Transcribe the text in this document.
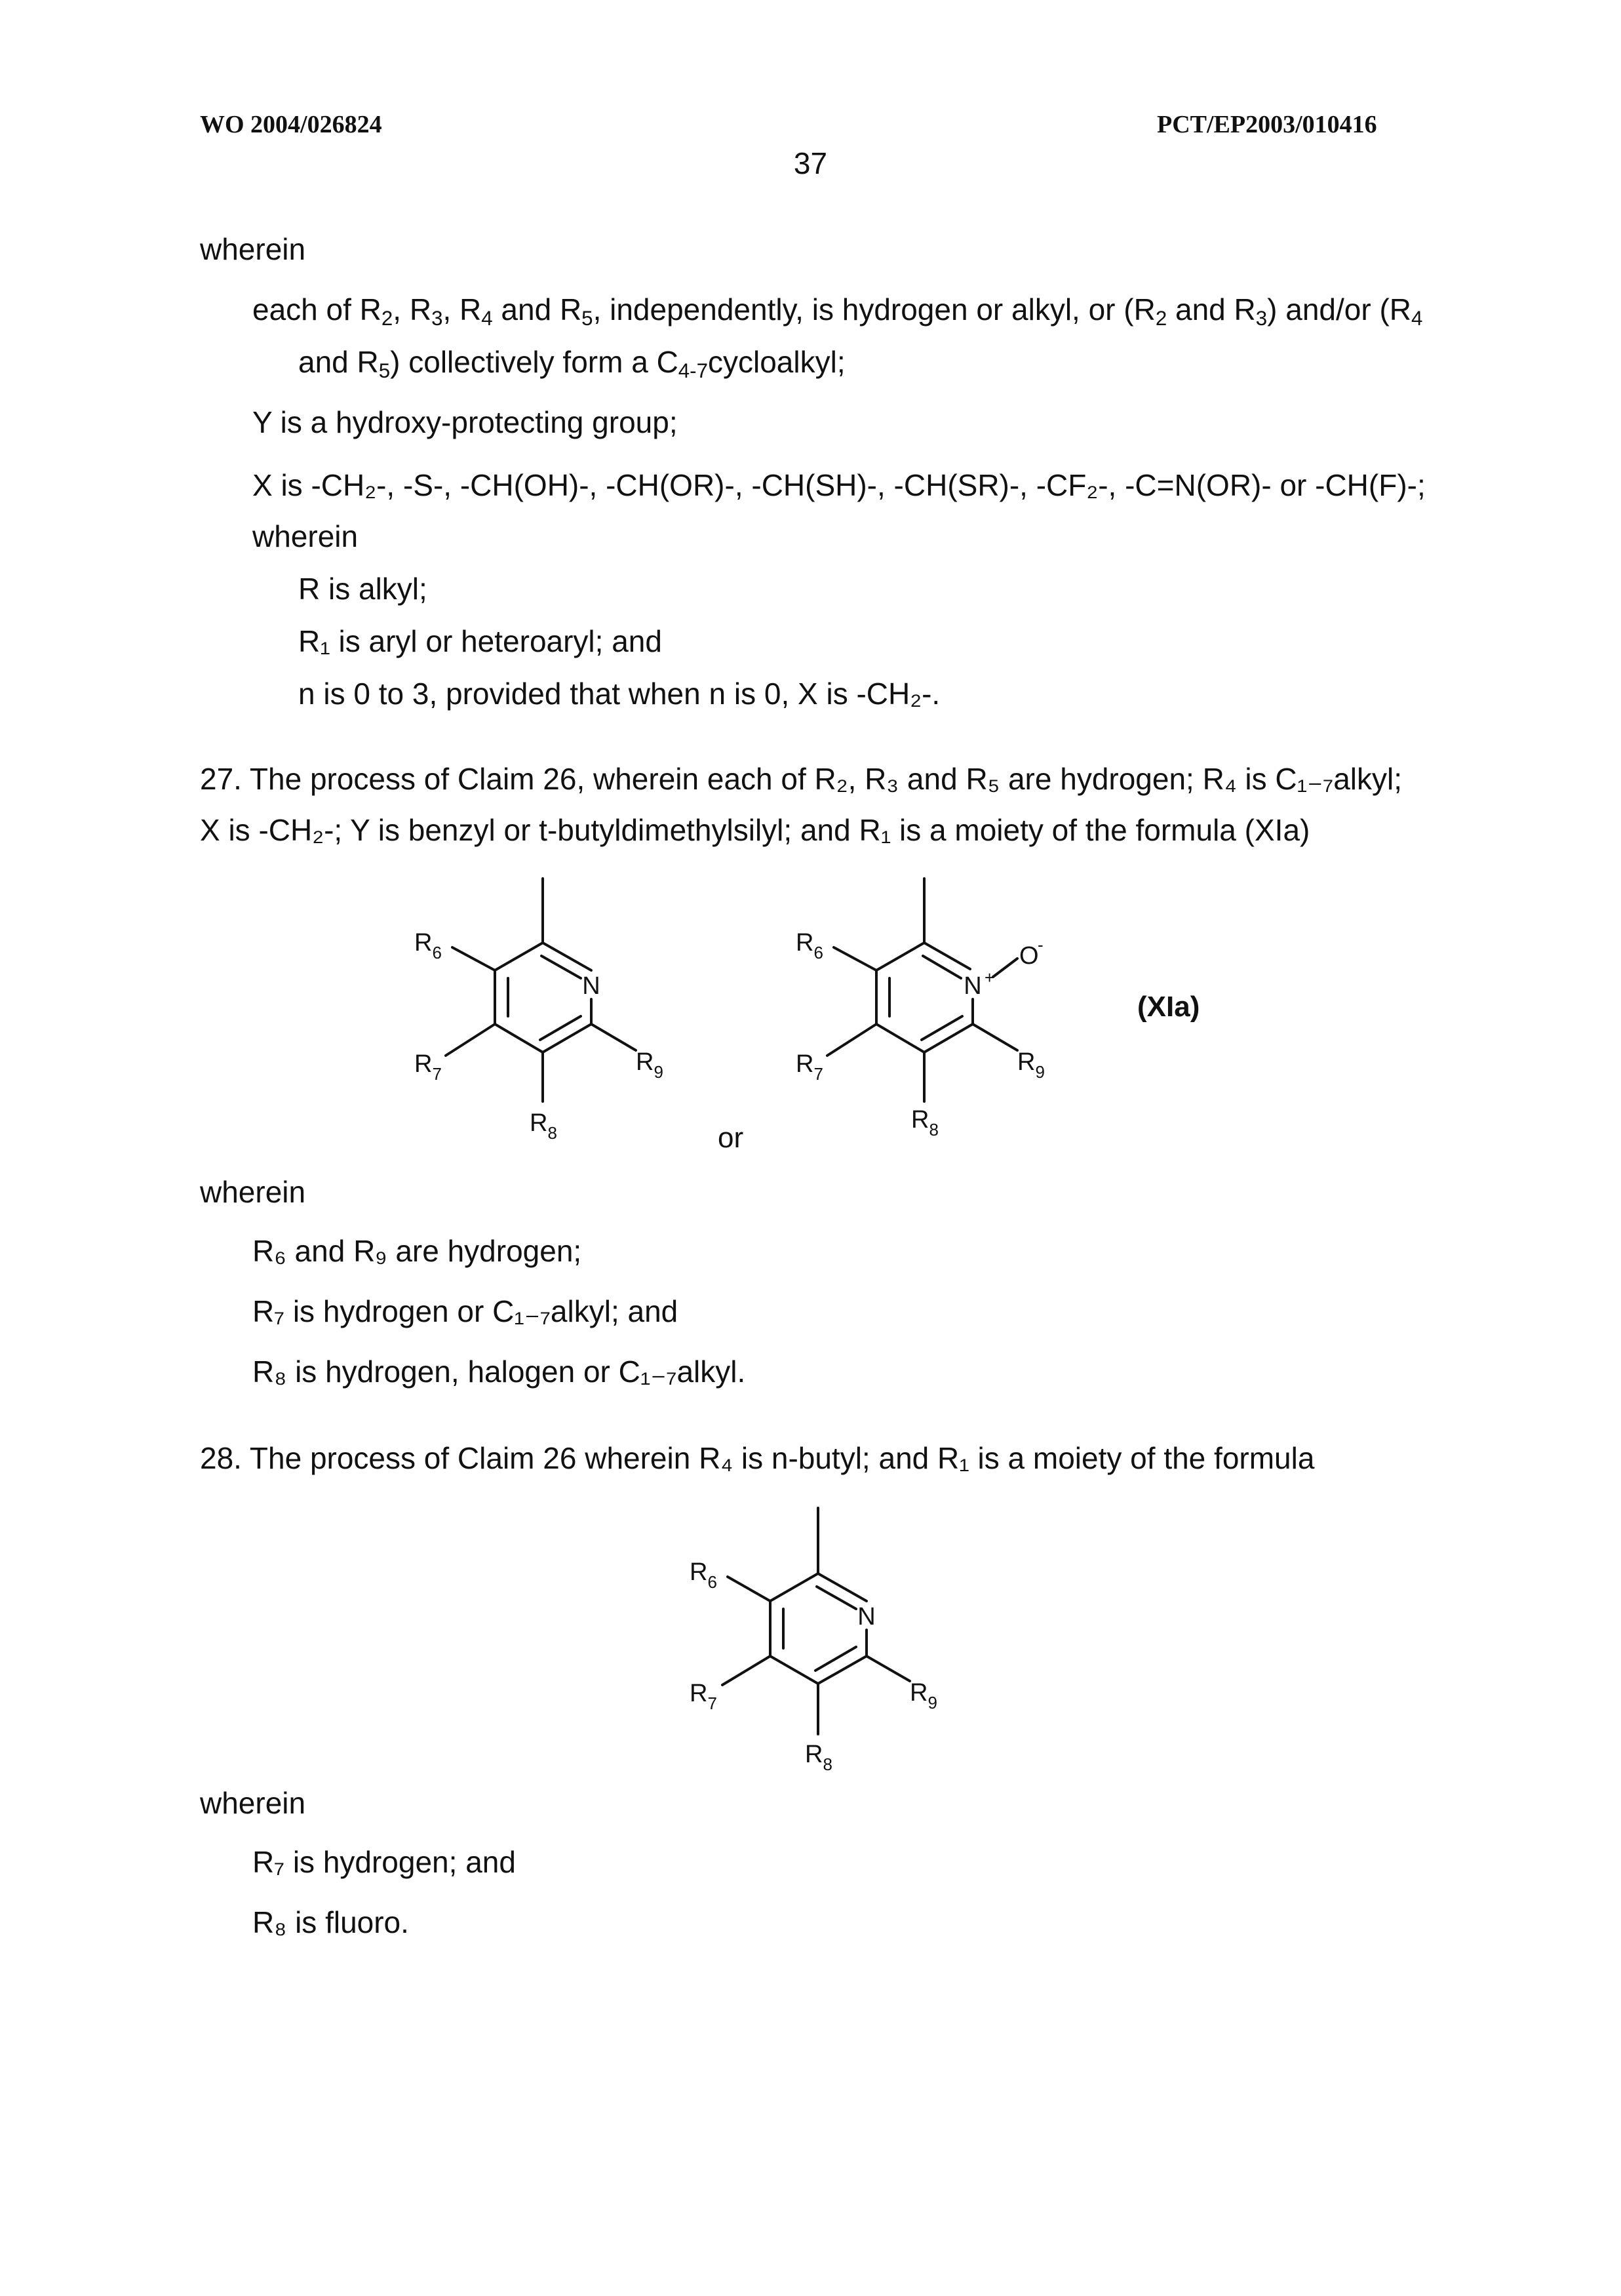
WO 2004/026824	PCT/EP2003/010416
37
wherein
each of $R_2$, $R_3$, $R_4$ and $R_5$, independently, is hydrogen or alkyl, or ($R_2$ and $R_3$) and/or ($R_4$
and $R_5$) collectively form a $C_{4-7}cycloalkyl$;
Y is a hydroxy-protecting group;
X is -CH₂-, -S-, -CH(OH)-, -CH(OR)-, -CH(SH)-, -CH(SR)-, -CF₂-, -C=N(OR)- or -CH(F)-;
wherein
R is alkyl;
R₁ is aryl or heteroaryl; and
n is 0 to 3, provided that when n is 0, X is -CH₂-.
27. The process of Claim 26, wherein each of R₂, R₃ and R₅ are hydrogen; R₄ is C₁₋₇alkyl;
X is -CH₂-; Y is benzyl or t-butyldimethylsilyl; and R₁ is a moiety of the formula (XIa)
N
R6
R7
R8
R9
or
N +
O
-
R6
R7
R8
R9
(XIa)
wherein
R₆ and R₉ are hydrogen;
R₇ is hydrogen or C₁₋₇alkyl; and
R₈ is hydrogen, halogen or C₁₋₇alkyl.
28. The process of Claim 26 wherein R₄ is n-butyl; and R₁ is a moiety of the formula
N
R6
R7
R8
R9
wherein
R₇ is hydrogen; and
R₈ is fluoro.
